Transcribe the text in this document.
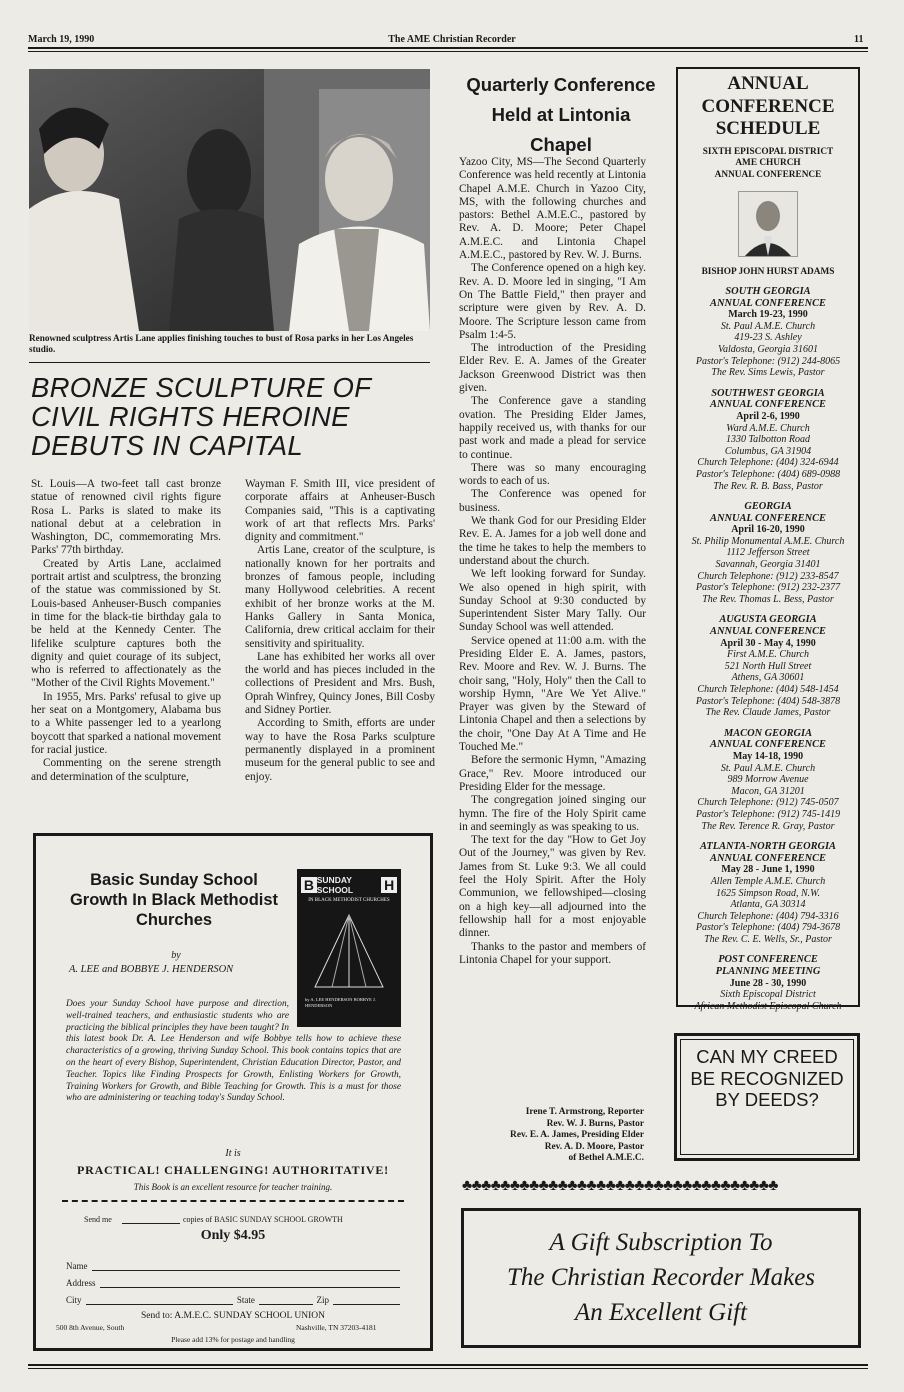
March 19, 1990	The AME Christian Recorder	11
Renowned sculptress Artis Lane applies finishing touches to bust of Rosa parks in her Los Angeles studio.
BRONZE SCULPTURE OF CIVIL RIGHTS HEROINE DEBUTS IN CAPITAL

St. Louis—A two-feet tall cast bronze statue of renowned civil rights figure Rosa L. Parks is slated to make its national debut at a celebration in Washington, DC, commemorating Mrs. Parks' 77th birthday.

Created by Artis Lane, acclaimed portrait artist and sculptress, the bronzing of the statue was commissioned by St. Louis-based Anheuser-Busch companies in time for the black-tie birthday gala to be held at the Kennedy Center. The lifelike sculpture captures both the dignity and quiet courage of its subject, who is referred to affectionately as the "Mother of the Civil Rights Movement."

In 1955, Mrs. Parks' refusal to give up her seat on a Montgomery, Alabama bus to a White passenger led to a yearlong boycott that sparked a national movement for racial justice.

Commenting on the serene strength and determination of the sculpture,

Wayman F. Smith III, vice president of corporate affairs at Anheuser-Busch Companies said, "This is a captivating work of art that reflects Mrs. Parks' dignity and commitment."

Artis Lane, creator of the sculpture, is nationally known for her portraits and bronzes of famous people, including many Hollywood celebrities. A recent exhibit of her bronze works at the M. Hanks Gallery in Santa Monica, California, drew critical acclaim for their sensitivity and spirituality.

Lane has exhibited her works all over the world and has pieces included in the collections of President and Mrs. Bush, Oprah Winfrey, Quincy Jones, Bill Cosby and Sidney Portier.

According to Smith, efforts are under way to have the Rosa Parks sculpture permanently displayed in a prominent museum for the general public to see and enjoy.

Basic Sunday School Growth In Black Methodist Churches
by
A. LEE and BOBBYE J. HENDERSON
B SUNDAY SCHOOL	H
IN BLACK METHODIST CHURCHES
by A. LEE HENDERSON BOBBYE J. HENDERSON
Does your Sunday School have purpose and direction, well-trained teachers, and enthusiastic students who are practicing the biblical principles they have been taught? In this latest book Dr. A. Lee Henderson and wife Bobbye tells how to achieve these characteristics of a growing, thriving Sunday School. This book contains topics that are on the heart of every Bishop, Superintendent, Christian Education Director, Pastor, and Teacher. Topics like Finding Prospects for Growth, Enlisting Workers for Growth, Training Workers for Growth, and Bible Teaching for Growth. This is a must for those who are administering or teaching today's Sunday School.
It is
PRACTICAL! CHALLENGING! AUTHORITATIVE!
This Book is an excellent resource for teacher training.
Send me	copies of BASIC SUNDAY SCHOOL GROWTH
Only $4.95
Name
Address
City	State	Zip
Send to: A.M.E.C. SUNDAY SCHOOL UNION
500 8th Avenue, South	Nashville, TN 37203-4181
Please add 13% for postage and handling
Quarterly Conference Held at Lintonia Chapel

Yazoo City, MS—The Second Quarterly Conference was held recently at Lintonia Chapel A.M.E. Church in Yazoo City, MS, with the following churches and pastors: Bethel A.M.E.C., pastored by Rev. A. D. Moore; Peter Chapel A.M.E.C. and Lintonia Chapel A.M.E.C., pastored by Rev. W. J. Burns.

The Conference opened on a high key. Rev. A. D. Moore led in singing, "I Am On The Battle Field," then prayer and scripture were given by Rev. A. D. Moore. The Scripture lesson came from Psalm 1:4-5.

The introduction of the Presiding Elder Rev. E. A. James of the Greater Jackson Greenwood District was then given.

The Conference gave a standing ovation. The Presiding Elder James, happily received us, with thanks for our past work and made a plead for service to continue.

There was so many encouraging words to each of us.

The Conference was opened for business.

We thank God for our Presiding Elder Rev. E. A. James for a job well done and the time he takes to help the members to understand about the church.

We left looking forward for Sunday. We also opened in high spirit, with Sunday School at 9:30 conducted by Superintendent Sister Mary Tally. Our Sunday School was well attended.

Service opened at 11:00 a.m. with the Presiding Elder E. A. James, pastors, Rev. Moore and Rev. W. J. Burns. The choir sang, "Holy, Holy" then the Call to worship Hymn, "Are We Yet Alive." Prayer was given by the Steward of Lintonia Chapel and then a selections by the choir, "One Day At A Time and He Touched Me."

Before the sermonic Hymn, "Amazing Grace," Rev. Moore introduced our Presiding Elder for the message.

The congregation joined singing our hymn. The fire of the Holy Spirit came in and seemingly as was speaking to us.

The text for the day "How to Get Joy Out of the Journey," was given by Rev. James from St. Luke 9:3. We all could feel the Holy Spirit. After the Holy Communion, we fellowshiped—closing on a high key—all adjourned into the fellowship hall for a most enjoyable dinner.

Thanks to the pastor and members of Lintonia Chapel for your support.

Irene T. Armstrong, Reporter
Rev. W. J. Burns, Pastor
Rev. E. A. James, Presiding Elder
Rev. A. D. Moore, Pastor
of Bethel A.M.E.C.
ANNUAL CONFERENCE SCHEDULE
SIXTH EPISCOPAL DISTRICT
AME CHURCH
ANNUAL CONFERENCE
BISHOP JOHN HURST ADAMS
SOUTH GEORGIA
ANNUAL CONFERENCE
March 19-23, 1990
St. Paul A.M.E. Church
419-23 S. Ashley
Valdosta, Georgia 31601
Pastor's Telephone: (912) 244-8065
The Rev. Sims Lewis, Pastor
SOUTHWEST GEORGIA
ANNUAL CONFERENCE
April 2-6, 1990
Ward A.M.E. Church
1330 Talbotton Road
Columbus, GA 31904
Church Telephone: (404) 324-6944
Pastor's Telephone: (404) 689-0988
The Rev. R. B. Bass, Pastor
GEORGIA
ANNUAL CONFERENCE
April 16-20, 1990
St. Philip Monumental A.M.E. Church
1112 Jefferson Street
Savannah, Georgia 31401
Church Telephone: (912) 233-8547
Pastor's Telephone: (912) 232-2377
The Rev. Thomas L. Bess, Pastor
AUGUSTA GEORGIA
ANNUAL CONFERENCE
April 30 - May 4, 1990
First A.M.E. Church
521 North Hull Street
Athens, GA 30601
Church Telephone: (404) 548-1454
Pastor's Telephone: (404) 548-3878
The Rev. Claude James, Pastor
MACON GEORGIA
ANNUAL CONFERENCE
May 14-18, 1990
St. Paul A.M.E. Church
989 Morrow Avenue
Macon, GA 31201
Church Telephone: (912) 745-0507
Pastor's Telephone: (912) 745-1419
The Rev. Terence R. Gray, Pastor
ATLANTA-NORTH GEORGIA
ANNUAL CONFERENCE
May 28 - June 1, 1990
Allen Temple A.M.E. Church
1625 Simpson Road, N.W.
Atlanta, GA 30314
Church Telephone: (404) 794-3316
Pastor's Telephone: (404) 794-3678
The Rev. C. E. Wells, Sr., Pastor
POST CONFERENCE
PLANNING MEETING
June 28 - 30, 1990
Sixth Episcopal District
African Methodist Episcopal Church
CAN MY CREED BE RECOGNIZED BY DEEDS?
♣♣♣♣♣♣♣♣♣♣♣♣♣♣♣♣♣♣♣♣♣♣♣♣♣♣♣♣♣♣♣♣♣
A Gift Subscription To
The Christian Recorder Makes
An Excellent Gift
